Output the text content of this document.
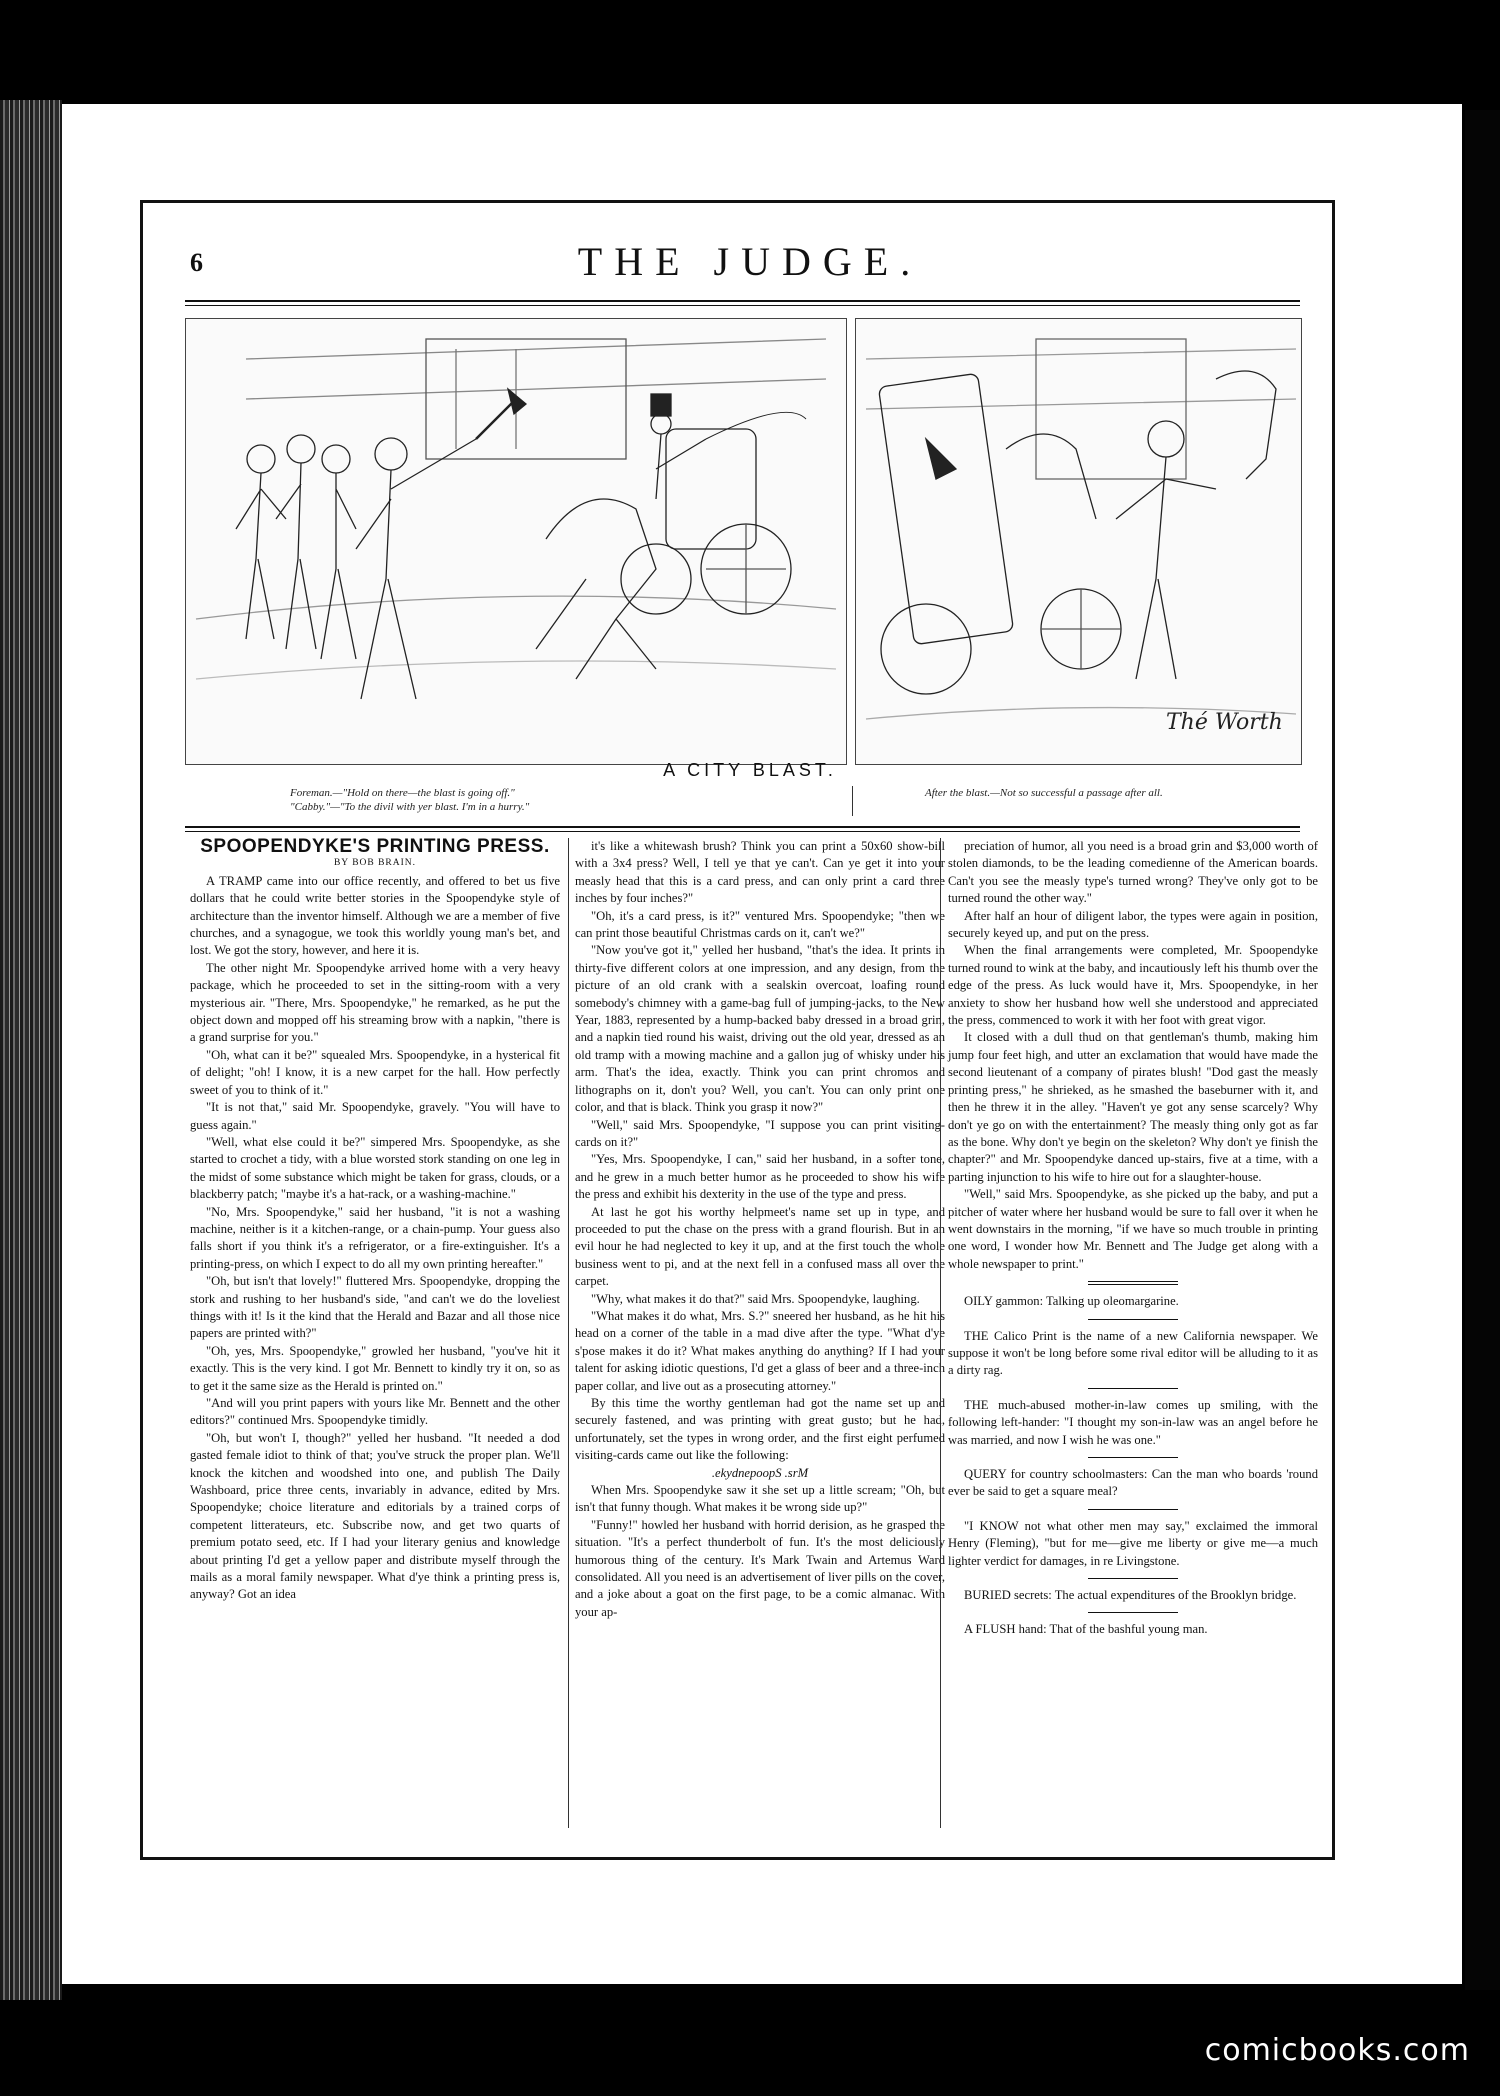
6	THE JUDGE.
Thé Worth
A CITY BLAST.
Foreman.—"Hold on there—the blast is going off."
"Cabby."—"To the divil with yer blast. I'm in a hurry."
After the blast.—Not so successful a passage after all.

SPOOPENDYKE'S PRINTING PRESS.

BY BOB BRAIN.

A TRAMP came into our office recently, and offered to bet us five dollars that he could write better stories in the Spoopendyke style of architecture than the inventor himself. Although we are a member of five churches, and a synagogue, we took this worldly young man's bet, and lost. We got the story, however, and here it is.

The other night Mr. Spoopendyke arrived home with a very heavy package, which he proceeded to set in the sitting-room with a very mysterious air. "There, Mrs. Spoopendyke," he remarked, as he put the object down and mopped off his streaming brow with a napkin, "there is a grand surprise for you."

"Oh, what can it be?" squealed Mrs. Spoopendyke, in a hysterical fit of delight; "oh! I know, it is a new carpet for the hall. How perfectly sweet of you to think of it."

"It is not that," said Mr. Spoopendyke, gravely. "You will have to guess again."

"Well, what else could it be?" simpered Mrs. Spoopendyke, as she started to crochet a tidy, with a blue worsted stork standing on one leg in the midst of some substance which might be taken for grass, clouds, or a blackberry patch; "maybe it's a hat-rack, or a washing-machine."

"No, Mrs. Spoopendyke," said her husband, "it is not a washing machine, neither is it a kitchen-range, or a chain-pump. Your guess also falls short if you think it's a refrigerator, or a fire-extinguisher. It's a printing-press, on which I expect to do all my own printing hereafter."

"Oh, but isn't that lovely!" fluttered Mrs. Spoopendyke, dropping the stork and rushing to her husband's side, "and can't we do the loveliest things with it! Is it the kind that the Herald and Bazar and all those nice papers are printed with?"

"Oh, yes, Mrs. Spoopendyke," growled her husband, "you've hit it exactly. This is the very kind. I got Mr. Bennett to kindly try it on, so as to get it the same size as the Herald is printed on."

"And will you print papers with yours like Mr. Bennett and the other editors?" continued Mrs. Spoopendyke timidly.

"Oh, but won't I, though?" yelled her husband. "It needed a dod gasted female idiot to think of that; you've struck the proper plan. We'll knock the kitchen and woodshed into one, and publish The Daily Washboard, price three cents, invariably in advance, edited by Mrs. Spoopendyke; choice literature and editorials by a trained corps of competent litterateurs, etc. Subscribe now, and get two quarts of premium potato seed, etc. If I had your literary genius and knowledge about printing I'd get a yellow paper and distribute myself through the mails as a moral family newspaper. What d'ye think a printing press is, anyway? Got an idea

it's like a whitewash brush? Think you can print a 50x60 show-bill with a 3x4 press? Well, I tell ye that ye can't. Can ye get it into your measly head that this is a card press, and can only print a card three inches by four inches?"

"Oh, it's a card press, is it?" ventured Mrs. Spoopendyke; "then we can print those beautiful Christmas cards on it, can't we?"

"Now you've got it," yelled her husband, "that's the idea. It prints in thirty-five different colors at one impression, and any design, from the picture of an old crank with a sealskin overcoat, loafing round somebody's chimney with a game-bag full of jumping-jacks, to the New Year, 1883, represented by a hump-backed baby dressed in a broad grin, and a napkin tied round his waist, driving out the old year, dressed as an old tramp with a mowing machine and a gallon jug of whisky under his arm. That's the idea, exactly. Think you can print chromos and lithographs on it, don't you? Well, you can't. You can only print one color, and that is black. Think you grasp it now?"

"Well," said Mrs. Spoopendyke, "I suppose you can print visiting-cards on it?"

"Yes, Mrs. Spoopendyke, I can," said her husband, in a softer tone, and he grew in a much better humor as he proceeded to show his wife the press and exhibit his dexterity in the use of the type and press.

At last he got his worthy helpmeet's name set up in type, and proceeded to put the chase on the press with a grand flourish. But in an evil hour he had neglected to key it up, and at the first touch the whole business went to pi, and at the next fell in a confused mass all over the carpet.

"Why, what makes it do that?" said Mrs. Spoopendyke, laughing.

"What makes it do what, Mrs. S.?" sneered her husband, as he hit his head on a corner of the table in a mad dive after the type. "What d'ye s'pose makes it do it? What makes anything do anything? If I had your talent for asking idiotic questions, I'd get a glass of beer and a three-inch paper collar, and live out as a prosecuting attorney."

By this time the worthy gentleman had got the name set up and securely fastened, and was printing with great gusto; but he had, unfortunately, set the types in wrong order, and the first eight perfumed visiting-cards came out like the following:

.ekydnepoopS .srM

When Mrs. Spoopendyke saw it she set up a little scream; "Oh, but isn't that funny though. What makes it be wrong side up?"

"Funny!" howled her husband with horrid derision, as he grasped the situation. "It's a perfect thunderbolt of fun. It's the most deliciously humorous thing of the century. It's Mark Twain and Artemus Ward consolidated. All you need is an advertisement of liver pills on the cover, and a joke about a goat on the first page, to be a comic almanac. With your ap-

preciation of humor, all you need is a broad grin and $3,000 worth of stolen diamonds, to be the leading comedienne of the American boards. Can't you see the measly type's turned wrong? They've only got to be turned round the other way."

After half an hour of diligent labor, the types were again in position, securely keyed up, and put on the press.

When the final arrangements were completed, Mr. Spoopendyke turned round to wink at the baby, and incautiously left his thumb over the edge of the press. As luck would have it, Mrs. Spoopendyke, in her anxiety to show her husband how well she understood and appreciated the press, commenced to work it with her foot with great vigor.

It closed with a dull thud on that gentleman's thumb, making him jump four feet high, and utter an exclamation that would have made the second lieutenant of a company of pirates blush! "Dod gast the measly printing press," he shrieked, as he smashed the baseburner with it, and then he threw it in the alley. "Haven't ye got any sense scarcely? Why don't ye go on with the entertainment? The measly thing only got as far as the bone. Why don't ye begin on the skeleton? Why don't ye finish the chapter?" and Mr. Spoopendyke danced up-stairs, five at a time, with a parting injunction to his wife to hire out for a slaughter-house.

"Well," said Mrs. Spoopendyke, as she picked up the baby, and put a pitcher of water where her husband would be sure to fall over it when he went downstairs in the morning, "if we have so much trouble in printing one word, I wonder how Mr. Bennett and The Judge get along with a whole newspaper to print."

OILY gammon: Talking up oleomargarine.

THE Calico Print is the name of a new California newspaper. We suppose it won't be long before some rival editor will be alluding to it as a dirty rag.

THE much-abused mother-in-law comes up smiling, with the following left-hander: "I thought my son-in-law was an angel before he was married, and now I wish he was one."

QUERY for country schoolmasters: Can the man who boards 'round ever be said to get a square meal?

"I KNOW not what other men may say," exclaimed the immoral Henry (Fleming), "but for me—give me liberty or give me—a much lighter verdict for damages, in re Livingstone.

BURIED secrets: The actual expenditures of the Brooklyn bridge.

A FLUSH hand: That of the bashful young man.

comicbooks.com
